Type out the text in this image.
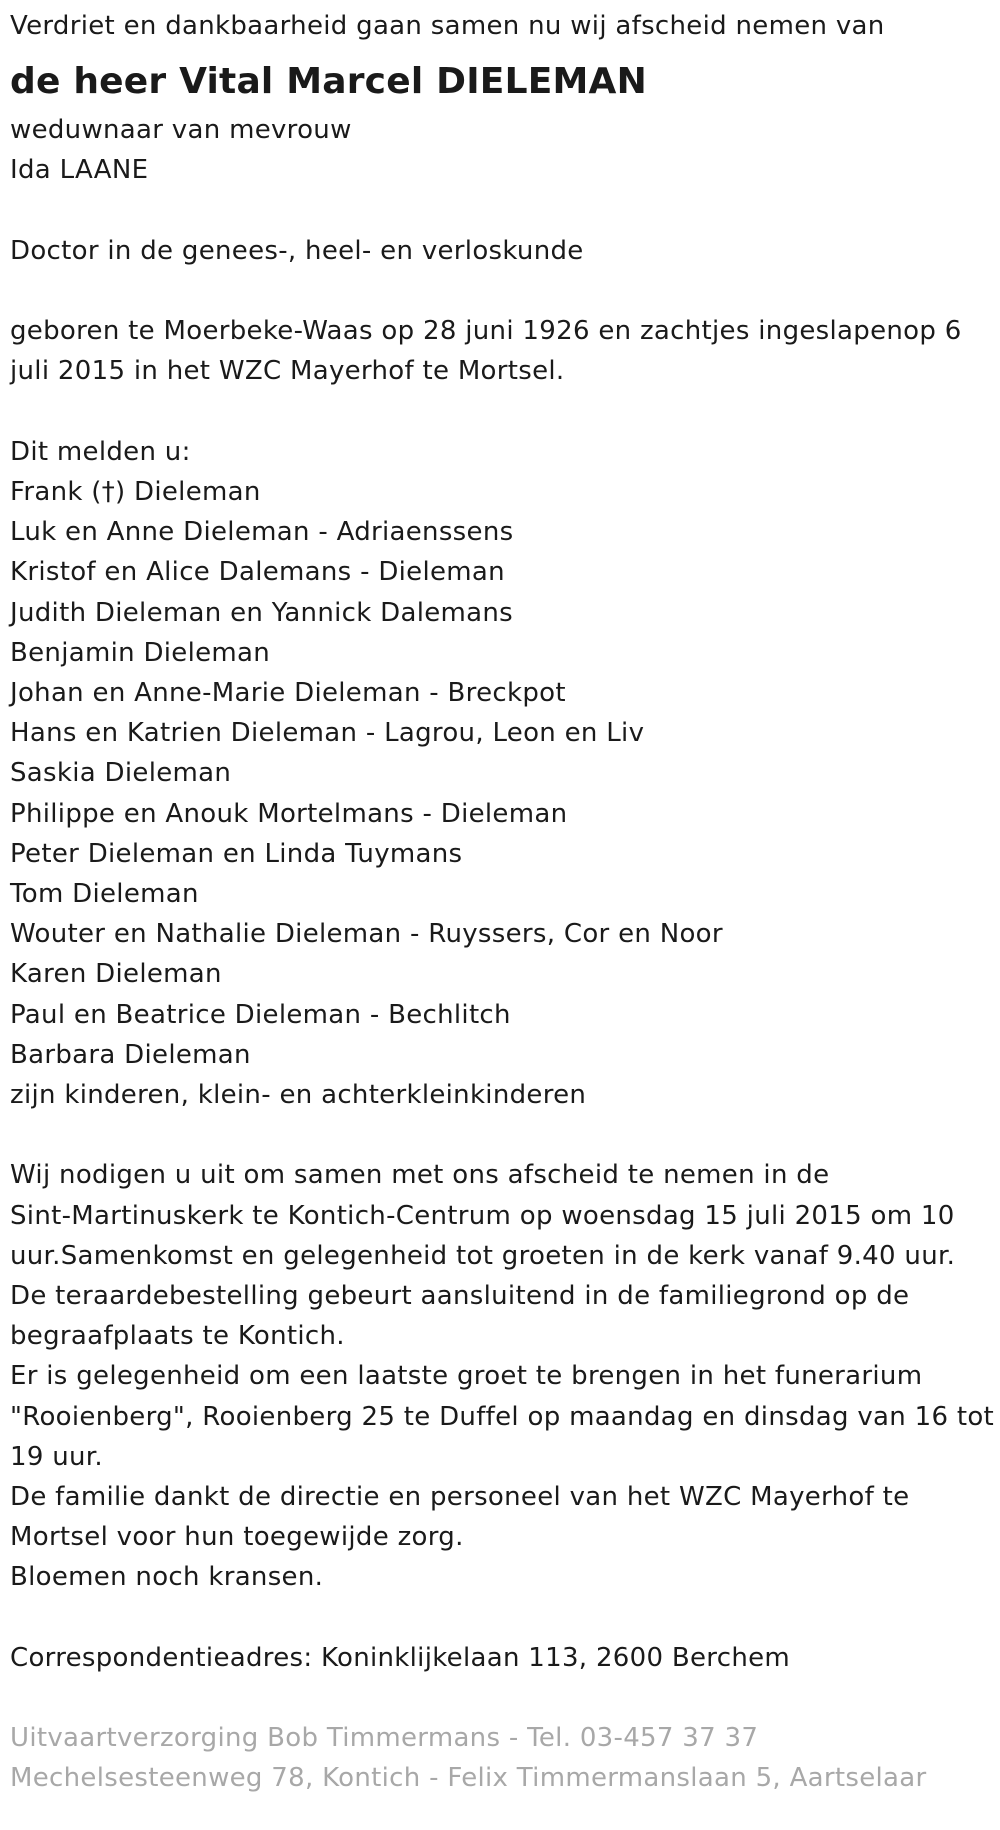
Verdriet en dankbaarheid gaan samen nu wij afscheid nemen van
de heer Vital Marcel DIELEMAN
weduwnaar van mevrouw
Ida LAANE
Doctor in de genees-, heel- en verloskunde
geboren te Moerbeke-Waas op 28 juni 1926 en zachtjes ingeslapenop 6
juli 2015 in het WZC Mayerhof te Mortsel.
Dit melden u:
Frank (†) Dieleman
Luk en Anne Dieleman - Adriaenssens
Kristof en Alice Dalemans - Dieleman
Judith Dieleman en Yannick Dalemans
Benjamin Dieleman
Johan en Anne-Marie Dieleman - Breckpot
Hans en Katrien Dieleman - Lagrou, Leon en Liv
Saskia Dieleman
Philippe en Anouk Mortelmans - Dieleman
Peter Dieleman en Linda Tuymans
Tom Dieleman
Wouter en Nathalie Dieleman - Ruyssers, Cor en Noor
Karen Dieleman
Paul en Beatrice Dieleman - Bechlitch
Barbara Dieleman
zijn kinderen, klein- en achterkleinkinderen
Wij nodigen u uit om samen met ons afscheid te nemen in de
Sint-Martinuskerk te Kontich-Centrum op woensdag 15 juli 2015 om 10
uur.Samenkomst en gelegenheid tot groeten in de kerk vanaf 9.40 uur.
De teraardebestelling gebeurt aansluitend in de familiegrond op de
begraafplaats te Kontich.
Er is gelegenheid om een laatste groet te brengen in het funerarium
"Rooienberg", Rooienberg 25 te Duffel op maandag en dinsdag van 16 tot
19 uur.
De familie dankt de directie en personeel van het WZC Mayerhof te
Mortsel voor hun toegewijde zorg.
Bloemen noch kransen.
Correspondentieadres: Koninklijkelaan 113, 2600 Berchem
Uitvaartverzorging Bob Timmermans - Tel. 03-457 37 37
Mechelsesteenweg 78, Kontich - Felix Timmermanslaan 5, Aartselaar
